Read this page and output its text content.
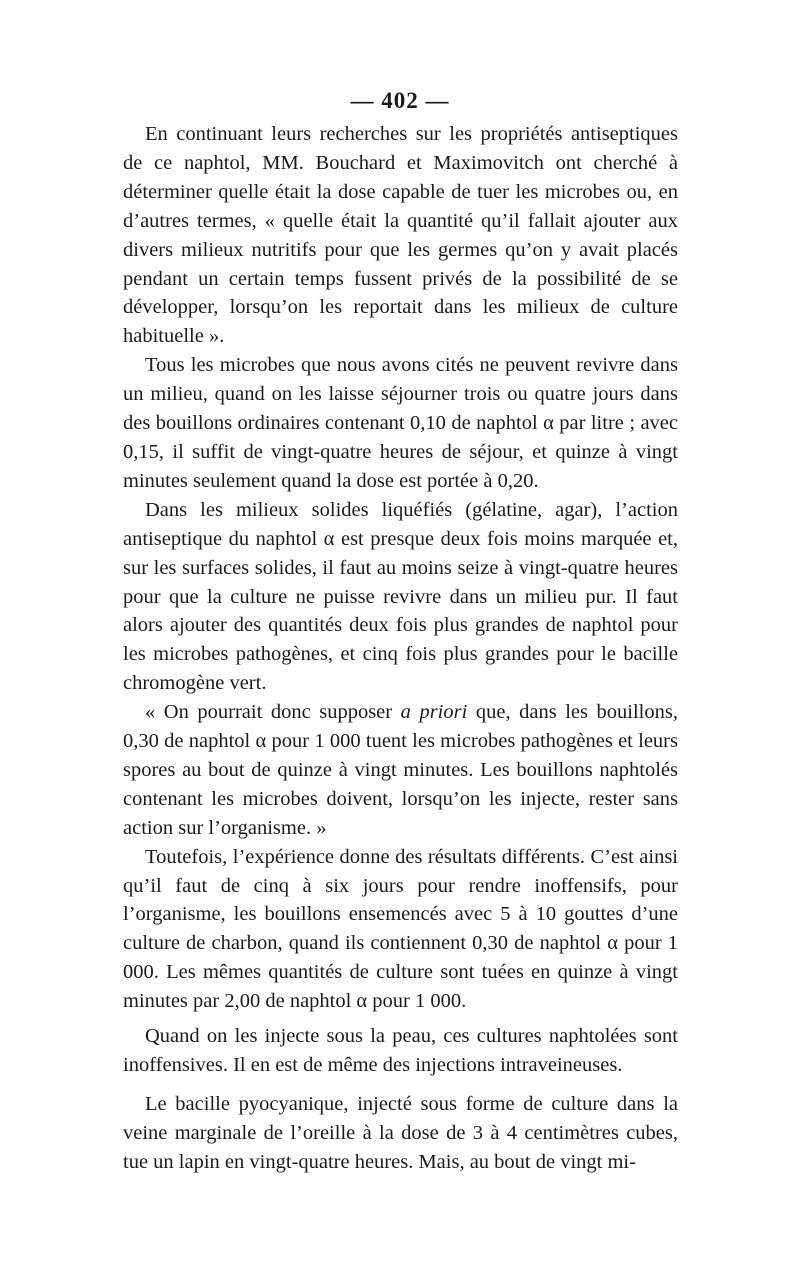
— 402 —

En continuant leurs recherches sur les propriétés antiseptiques de ce naphtol, MM. Bouchard et Maximovitch ont cherché à déterminer quelle était la dose capable de tuer les microbes ou, en d’autres termes, « quelle était la quantité qu’il fallait ajouter aux divers milieux nutritifs pour que les germes qu’on y avait placés pendant un certain temps fussent privés de la possibilité de se développer, lorsqu’on les reportait dans les milieux de culture habituelle ».

Tous les microbes que nous avons cités ne peuvent revivre dans un milieu, quand on les laisse séjourner trois ou quatre jours dans des bouillons ordinaires contenant 0,10 de naphtol α par litre ; avec 0,15, il suffit de vingt-quatre heures de séjour, et quinze à vingt minutes seulement quand la dose est portée à 0,20.

Dans les milieux solides liquéfiés (gélatine, agar), l’action antiseptique du naphtol α est presque deux fois moins marquée et, sur les surfaces solides, il faut au moins seize à vingt-quatre heures pour que la culture ne puisse revivre dans un milieu pur. Il faut alors ajouter des quantités deux fois plus grandes de naphtol pour les microbes pathogènes, et cinq fois plus grandes pour le bacille chromogène vert.

« On pourrait donc supposer a priori que, dans les bouillons, 0,30 de naphtol α pour 1 000 tuent les microbes pathogènes et leurs spores au bout de quinze à vingt minutes. Les bouillons naphtolés contenant les microbes doivent, lorsqu’on les injecte, rester sans action sur l’organisme. »

Toutefois, l’expérience donne des résultats différents. C’est ainsi qu’il faut de cinq à six jours pour rendre inoffensifs, pour l’organisme, les bouillons ensemencés avec 5 à 10 gouttes d’une culture de charbon, quand ils contiennent 0,30 de naphtol α pour 1 000. Les mêmes quantités de culture sont tuées en quinze à vingt minutes par 2,00 de naphtol α pour 1 000.

Quand on les injecte sous la peau, ces cultures naphtolées sont inoffensives. Il en est de même des injections intraveineuses.

Le bacille pyocyanique, injecté sous forme de culture dans la veine marginale de l’oreille à la dose de 3 à 4 centimètres cubes, tue un lapin en vingt-quatre heures. Mais, au bout de vingt mi-
